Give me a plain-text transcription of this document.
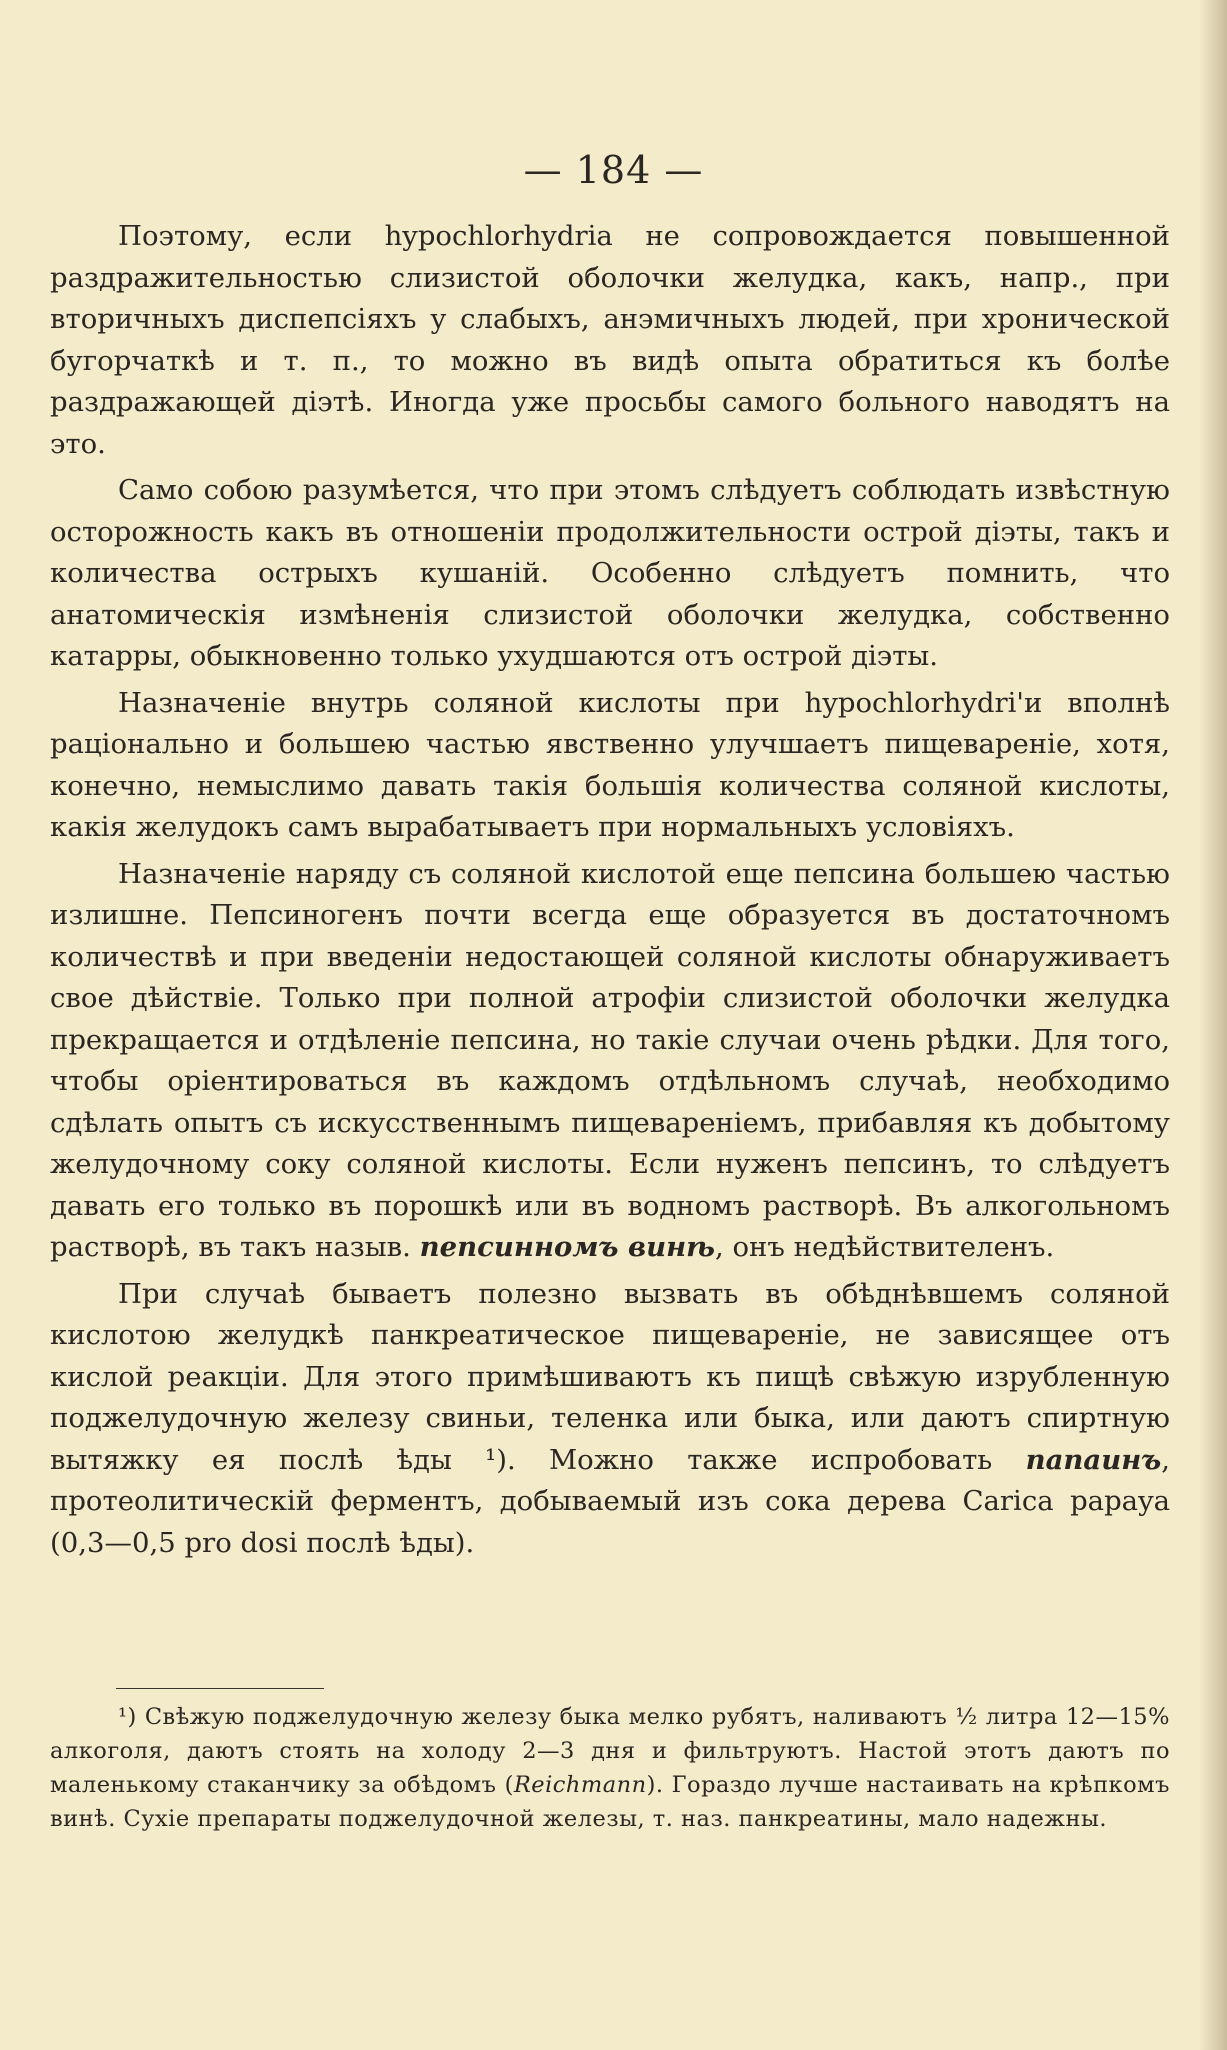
— 184 —

Поэтому, если hypochlorhydria не сопровождается повышенной раздражительностью слизистой оболочки желудка, какъ, напр., при вторичныхъ диспепсіяхъ у слабыхъ, анэмичныхъ людей, при хронической бугорчаткѣ и т. п., то можно въ видѣ опыта обратиться къ болѣе раздражающей діэтѣ. Иногда уже просьбы самого больного наводятъ на это.

Само собою разумѣется, что при этомъ слѣдуетъ соблюдать извѣстную осторожность какъ въ отношеніи продолжительности острой діэты, такъ и количества острыхъ кушаній. Особенно слѣдуетъ помнить, что анатомическія измѣненія слизистой оболочки желудка, собственно катарры, обыкновенно только ухудшаются отъ острой діэты.

Назначеніе внутрь соляной кислоты при hypochlorhydri'и вполнѣ раціонально и большею частью явственно улучшаетъ пищевареніе, хотя, конечно, немыслимо давать такія большія количества соляной кислоты, какія желудокъ самъ вырабатываетъ при нормальныхъ условіяхъ.

Назначеніе наряду съ соляной кислотой еще пепсина большею частью излишне. Пепсиногенъ почти всегда еще образуется въ достаточномъ количествѣ и при введеніи недостающей соляной кислоты обнаруживаетъ свое дѣйствіе. Только при полной атрофіи слизистой оболочки желудка прекращается и отдѣленіе пепсина, но такіе случаи очень рѣдки. Для того, чтобы оріентироваться въ каждомъ отдѣльномъ случаѣ, необходимо сдѣлать опытъ съ искусственнымъ пищевареніемъ, прибавляя къ добытому желудочному соку соляной кислоты. Если нуженъ пепсинъ, то слѣдуетъ давать его только въ порошкѣ или въ водномъ растворѣ. Въ алкогольномъ растворѣ, въ такъ назыв. пепсинномъ винѣ, онъ недѣйствителенъ.

При случаѣ бываетъ полезно вызвать въ обѣднѣвшемъ соляной кислотою желудкѣ панкреатическое пищевареніе, не зависящее отъ кислой реакціи. Для этого примѣшиваютъ къ пищѣ свѣжую изрубленную поджелудочную железу свиньи, теленка или быка, или даютъ спиртную вытяжку ея послѣ ѣды ¹). Можно также испробовать папаинъ, протеолитическій ферментъ, добываемый изъ сока дерева Carica papaya (0,3—0,5 pro dosi послѣ ѣды).

¹) Свѣжую поджелудочную железу быка мелко рубятъ, наливаютъ ½ литра 12—15% алкоголя, даютъ стоять на холоду 2—3 дня и фильтруютъ. Настой этотъ даютъ по маленькому стаканчику за обѣдомъ (Reichmann). Гораздо лучше настаивать на крѣпкомъ винѣ. Сухіе препараты поджелудочной железы, т. наз. панкреатины, мало надежны.
